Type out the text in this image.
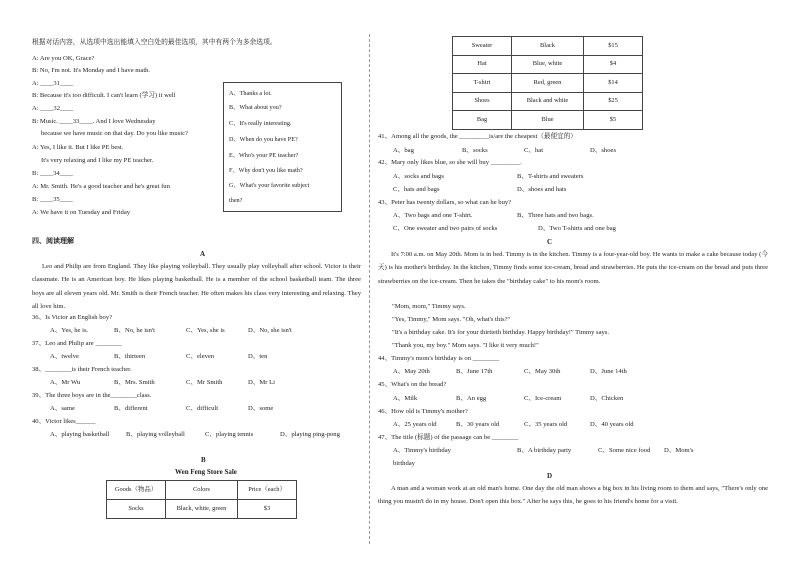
根据对话内容，从选项中选出能填入空白处的最佳选项，其中有两个为多余选项。
A: Are you OK, Grace?
B: No, I'm not. It's Monday and I have math.
A: ____31____
B: Because it's too difficult. I can't learn (学习) it well
A: ____32____
B: Music. ____33____. And I love Wednesday
because we have music on that day. Do you like music?
A: Yes, I like it. But I like PE best.
It's very relaxing and I like my PE teacher.
B: ____34____
A: Mr. Smith. He's a good teacher and he's great fun
B: ____35____
A: We have it on Tuesday and Friday
A、Thanks a lot.
B、What about you?
C、It's really interesting.
D、When do you have PE?
E、Who's your PE teacher?
F、Why don't you like math?
G、What's your favorite subject
then?
四、阅读理解
A
Leo and Philip are from England. They like playing volleyball. They usually play volleyball after school. Victor is their classmate. He is an American boy. He likes playing basketball. He is a member of the school basketball team. The three boys are all eleven years old. Mr. Smith is their French teacher. He often makes his class very interesting and relaxing. They all love him.
36、Is Victor an English boy?
A、Yes, he is.	B、No, he isn't	C、Yes, she is	D、No, she isn't
37、Leo and Philip are ________
A、twelve	B、thirteen	C、eleven	D、ten
38、________is their French teacher.
A、Mr Wu	B、Mrs. Smith	C、Mr Smith	D、Mr Li
39、The three boys are in the________class.
A、same	B、different	C、difficult	D、some
40、Victor likes______
A、playing basketball B、playing volleyball	C、playing tennis	D、playing ping-pong
B
Wen Feng Store Sale
Goods（物品）	Colors	Price（each）
Socks	Black, white, green	$3
Sweater	Black	$15
Hat	Blue, white	$4
T-shirt	Red, green	$14
Shoes	Black and white	$25
Bag	Blue	$5
41、Among all the goods, the _________is/are the cheapest（最便宜的）
A、bag	B、socks	C、hat	D、shoes
42、Mary only likes blue, so she will buy _________.
A、socks and bags	B、T-shirts and sweaters
C、hats and bags	D、shoes and hats
43、Peter has twenty dollars, so what can he buy?
A、Two bags and one T-shirt.	B、Three hats and two bags.
C、One sweater and two pairs of socks	D、Two T-shirts and one bag
C
It's 7:00 a.m. on May 20th. Mom is in bed. Timmy is in the kitchen. Timmy is a four-year-old boy. He wants to make a cake because today (今天) is his mother's birthday. In the kitchen, Timmy finds some ice-cream, bread and strawberries. He puts the ice-cream on the bread and puts three strawberries on the ice-cream. Then he takes the "birthday cake" to his mom's room.
"Mom, mom," Timmy says.
"Yes, Timmy," Mom says. "Oh, what's this?"
"It's a birthday cake. It's for your thirtieth birthday. Happy birthday!" Timmy says.
"Thank you, my boy." Mom says. "I like it very much!"
44、Timmy's mom's birthday is on ________
A、May 20th	B、June 17th	C、May 30th	D、June 14th
45、What's on the bread?
A、Milk	B、An egg	C、Ice-cream	D、Chicken
46、How old is Timmy's mother?
A、25 years old	B、30 years old	C、35 years old	D、40 years old
47、The title (标题) of the passage can be ________
A、Timmy's birthday	B、A birthday party	C、Some nice food D、Mom's
birthday
D
A man and a woman work at an old man's home. One day the old man shows a big box in his living room to them and says, "There's only one thing you mustn't do in my house. Don't open this box." After he says this, he goes to his friend's home for a visit.
